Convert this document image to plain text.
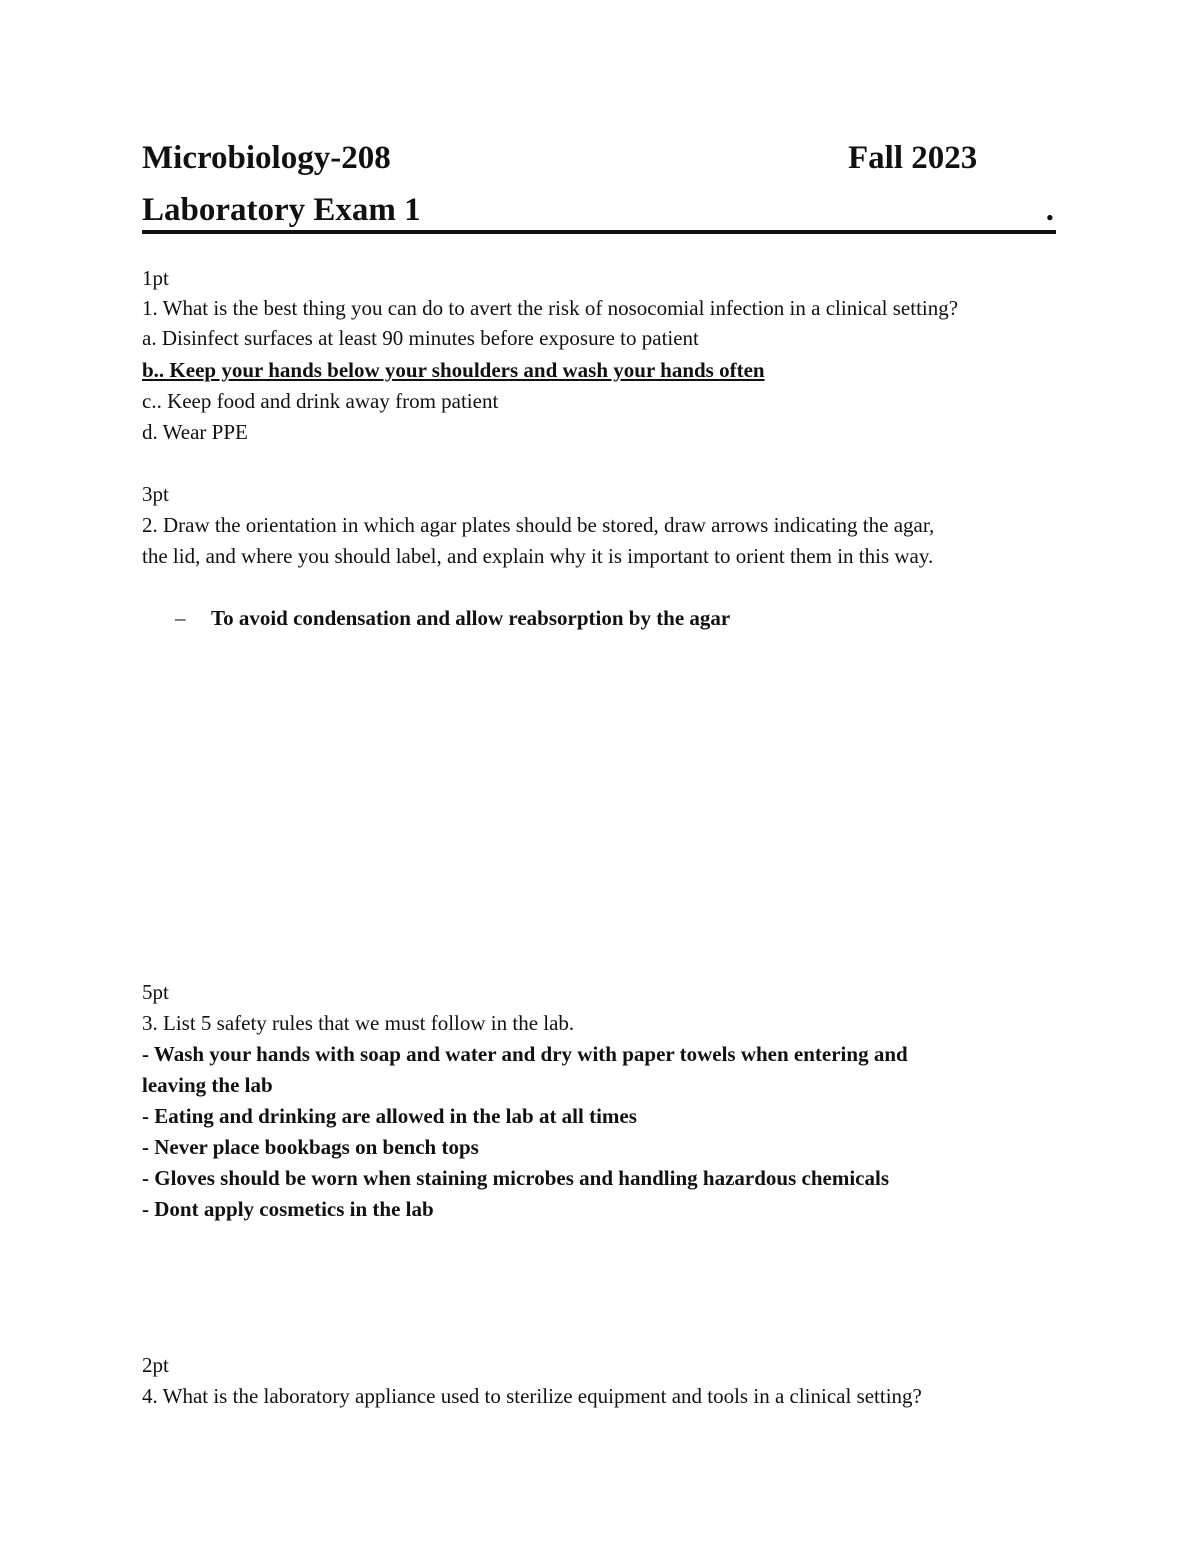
Microbiology-208	Fall 2023
Laboratory Exam 1	.
1pt
1. What is the best thing you can do to avert the risk of nosocomial infection in a clinical setting?
a. Disinfect surfaces at least 90 minutes before exposure to patient
b.. Keep your hands below your shoulders and wash your hands often
c.. Keep food and drink away from patient
d. Wear PPE
3pt
2. Draw the orientation in which agar plates should be stored, draw arrows indicating the agar,
the lid, and where you should label, and explain why it is important to orient them in this way.
– To avoid condensation and allow reabsorption by the agar
5pt
3. List 5 safety rules that we must follow in the lab.
- Wash your hands with soap and water and dry with paper towels when entering and
leaving the lab
- Eating and drinking are allowed in the lab at all times
- Never place bookbags on bench tops
- Gloves should be worn when staining microbes and handling hazardous chemicals
- Dont apply cosmetics in the lab
2pt
4. What is the laboratory appliance used to sterilize equipment and tools in a clinical setting?
